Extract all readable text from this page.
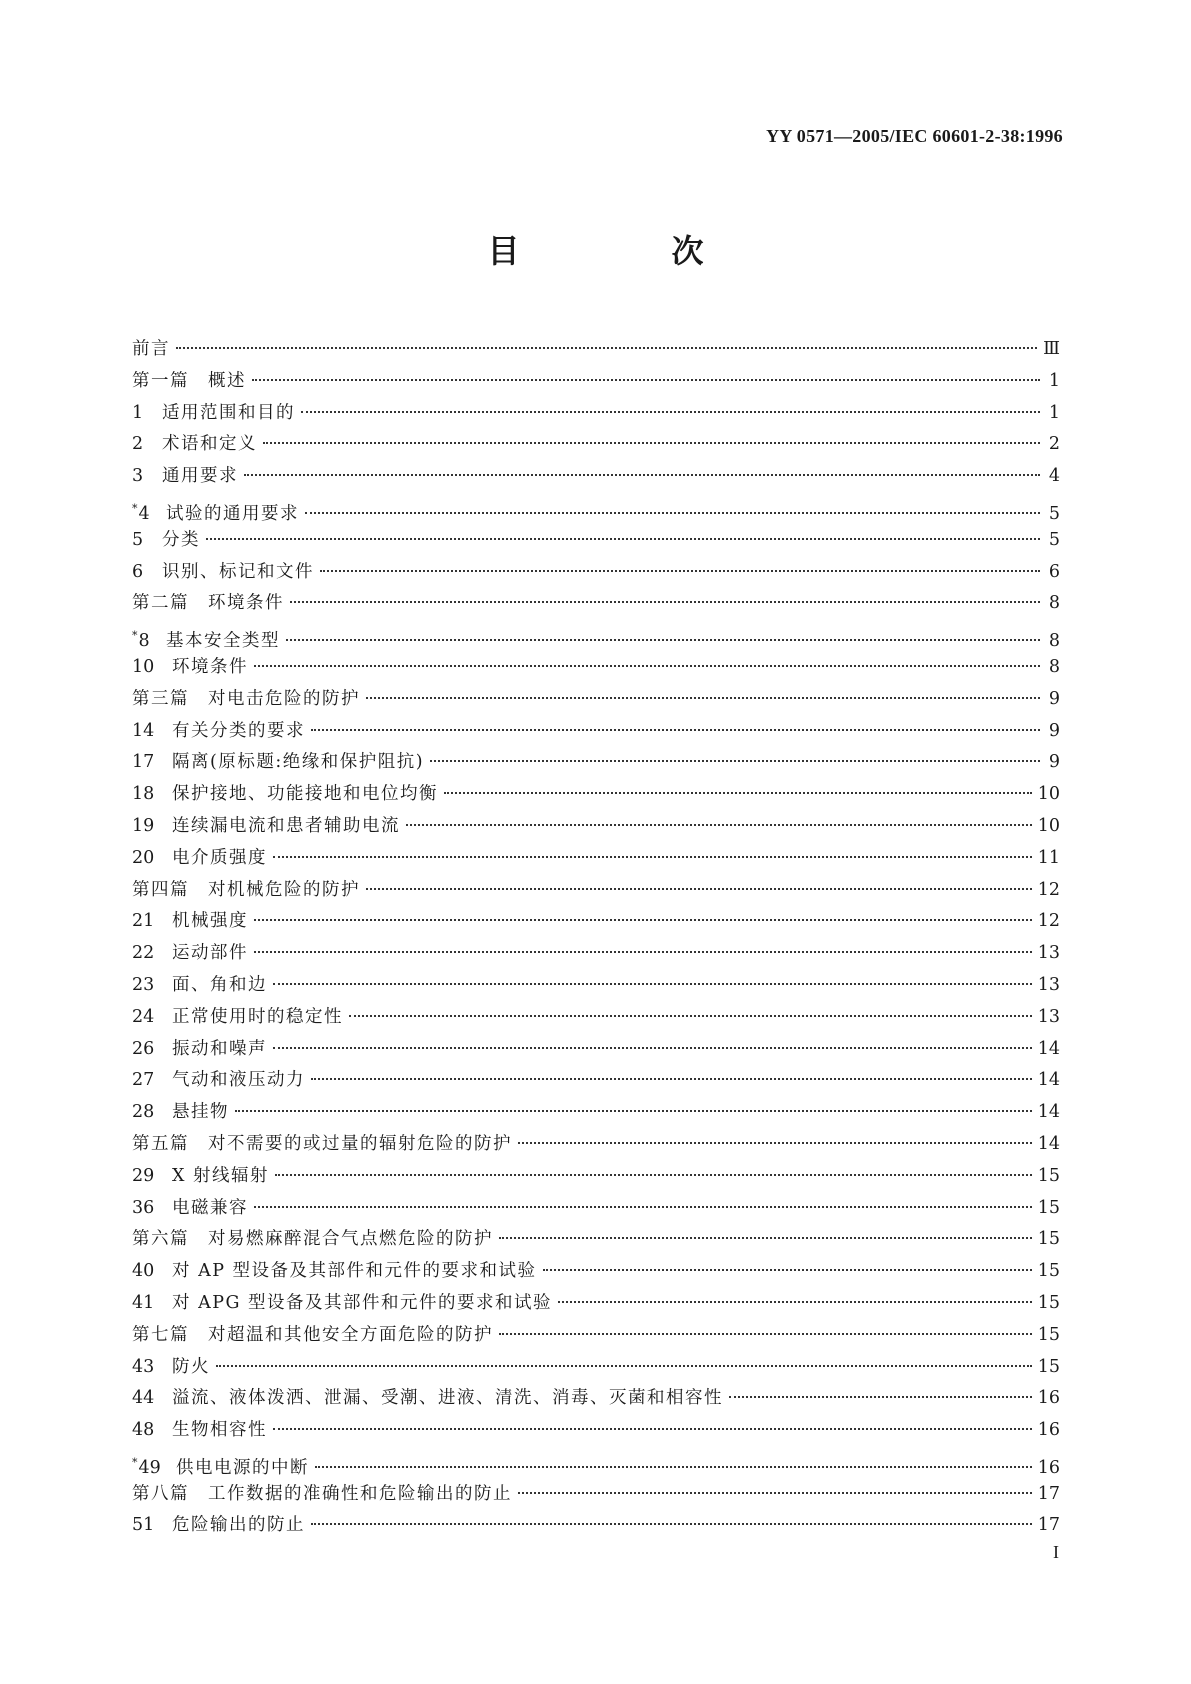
YY 0571—2005/IEC 60601-2-38:1996
目　次
前言	Ⅲ
第一篇　概述	1
1	适用范围和目的	1
2	术语和定义	2
3	通用要求	4
*4 试验的通用要求	5
5	分类	5
6	识别、标记和文件	6
第二篇　环境条件	8
*8 基本安全类型	8
10	环境条件	8
第三篇　对电击危险的防护	9
14	有关分类的要求	9
17	隔离(原标题:绝缘和保护阻抗)	9
18	保护接地、功能接地和电位均衡	10
19	连续漏电流和患者辅助电流	10
20	电介质强度	11
第四篇　对机械危险的防护	12
21	机械强度	12
22	运动部件	13
23	面、角和边	13
24	正常使用时的稳定性	13
26	振动和噪声	14
27	气动和液压动力	14
28	悬挂物	14
第五篇　对不需要的或过量的辐射危险的防护	14
29	X 射线辐射	15
36	电磁兼容	15
第六篇　对易燃麻醉混合气点燃危险的防护	15
40	对 AP 型设备及其部件和元件的要求和试验	15
41	对 APG 型设备及其部件和元件的要求和试验	15
第七篇　对超温和其他安全方面危险的防护	15
43	防火	15
44	溢流、液体泼洒、泄漏、受潮、进液、清洗、消毒、灭菌和相容性	16
48	生物相容性	16
*49 供电电源的中断	16
第八篇　工作数据的准确性和危险输出的防止	17
51	危险输出的防止	17
I
